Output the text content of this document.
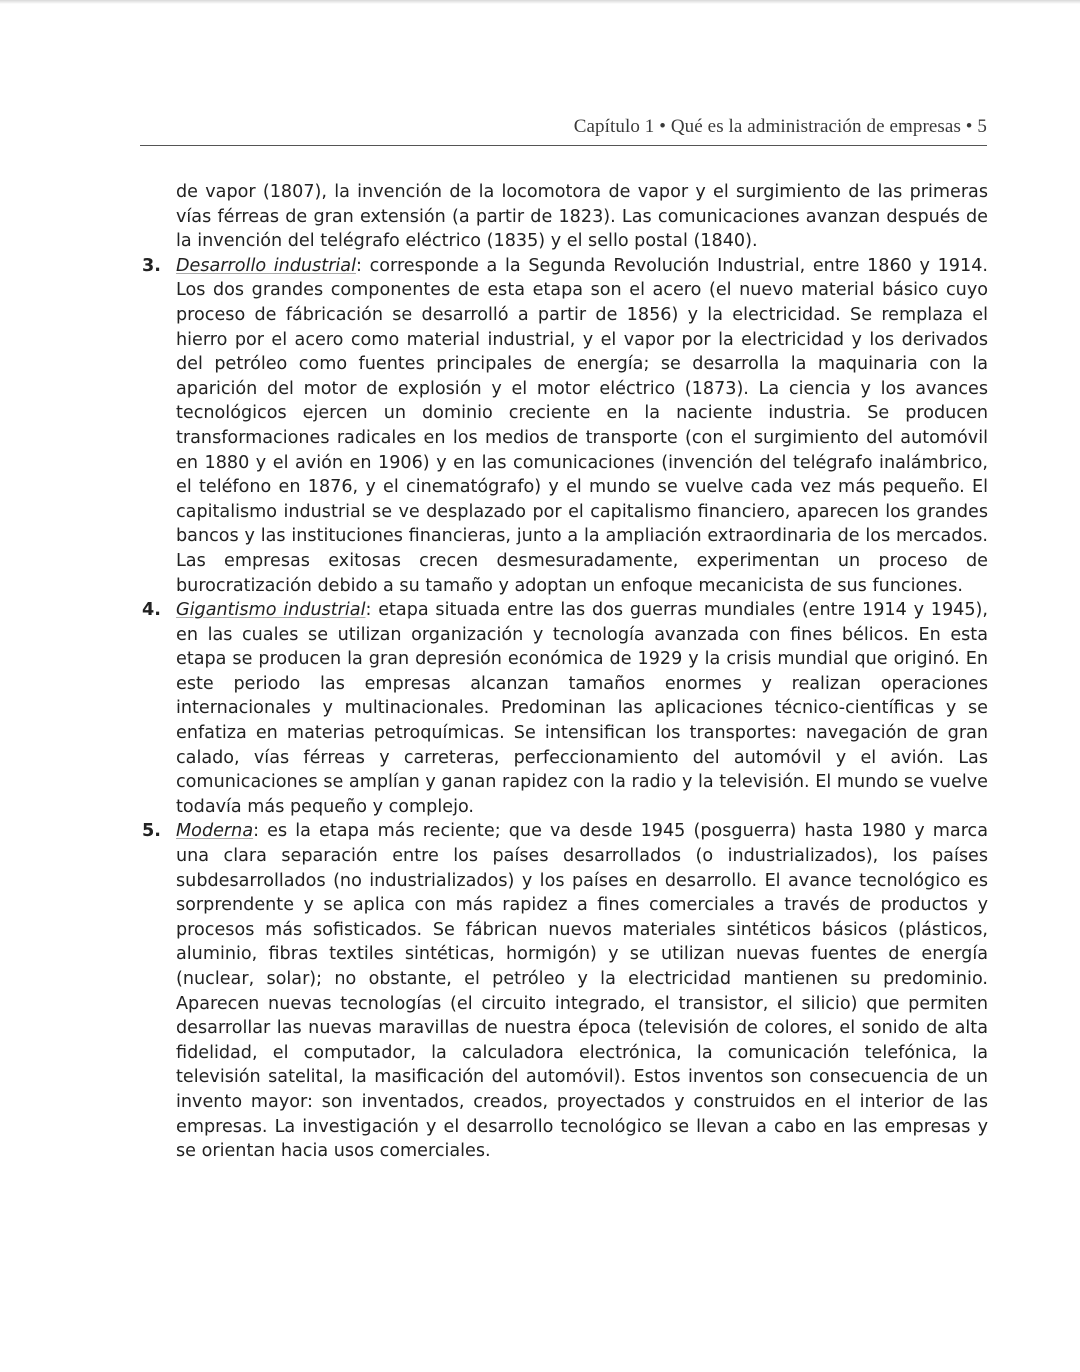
Capítulo 1 • Qué es la administración de empresas • 5

de vapor (1807), la invención de la locomotora de vapor y el surgimiento de las primeras vías férreas de gran extensión (a partir de 1823). Las comunicaciones avanzan después de la invención del telégrafo eléctrico (1835) y el sello postal (1840).

3. Desarrollo industrial: corresponde a la Segunda Revolución Industrial, entre 1860 y 1914. Los dos grandes componentes de esta etapa son el acero (el nuevo material básico cuyo proceso de fábricación se desarrolló a partir de 1856) y la electricidad. Se remplaza el hierro por el acero como material industrial, y el vapor por la electricidad y los derivados del petróleo como fuentes principales de energía; se desarrolla la maquinaria con la aparición del motor de explosión y el motor eléctrico (1873). La ciencia y los avances tecnológicos ejercen un dominio creciente en la naciente industria. Se producen transformaciones radicales en los medios de transporte (con el surgimiento del automóvil en 1880 y el avión en 1906) y en las comunicaciones (invención del telégrafo inalámbrico, el teléfono en 1876, y el cinematógrafo) y el mundo se vuelve cada vez más pequeño. El capitalismo industrial se ve desplazado por el capitalismo financiero, aparecen los grandes bancos y las instituciones financieras, junto a la ampliación extraordinaria de los mercados. Las empresas exitosas crecen desmesuradamente, experimentan un proceso de burocratización debido a su tamaño y adoptan un enfoque mecanicista de sus funciones.
4. Gigantismo industrial: etapa situada entre las dos guerras mundiales (entre 1914 y 1945), en las cuales se utilizan organización y tecnología avanzada con fines bélicos. En esta etapa se producen la gran depresión económica de 1929 y la crisis mundial que originó. En este periodo las empresas alcanzan tamaños enormes y realizan operaciones internacionales y multinacionales. Predominan las aplicaciones técnico-científicas y se enfatiza en materias petroquímicas. Se intensifican los transportes: navegación de gran calado, vías férreas y carreteras, perfeccionamiento del automóvil y el avión. Las comunicaciones se amplían y ganan rapidez con la radio y la televisión. El mundo se vuelve todavía más pequeño y complejo.
5. Moderna: es la etapa más reciente; que va desde 1945 (posguerra) hasta 1980 y marca una clara separación entre los países desarrollados (o industrializados), los países subdesarrollados (no industrializados) y los países en desarrollo. El avance tecnológico es sorprendente y se aplica con más rapidez a fines comerciales a través de productos y procesos más sofisticados. Se fábrican nuevos materiales sintéticos básicos (plásticos, aluminio, fibras textiles sintéticas, hormigón) y se utilizan nuevas fuentes de energía (nuclear, solar); no obstante, el petróleo y la electricidad mantienen su predominio. Aparecen nuevas tecnologías (el circuito integrado, el transistor, el silicio) que permiten desarrollar las nuevas maravillas de nuestra época (televisión de colores, el sonido de alta fidelidad, el computador, la calculadora electrónica, la comunicación telefónica, la televisión satelital, la masificación del automóvil). Estos inventos son consecuencia de un invento mayor: son inventados, creados, proyectados y construidos en el interior de las empresas. La investigación y el desarrollo tecnológico se llevan a cabo en las empresas y se orientan hacia usos comerciales.
